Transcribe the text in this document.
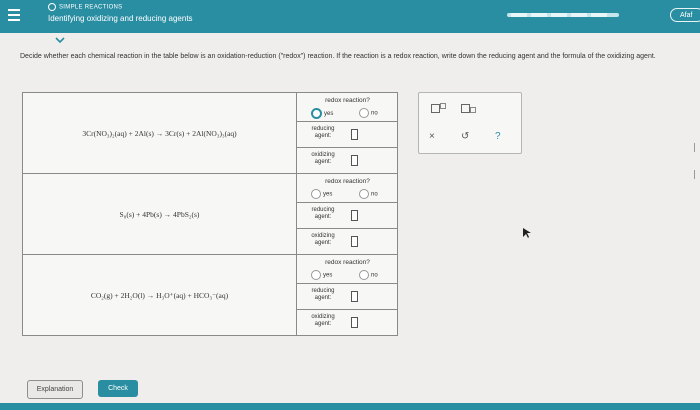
SIMPLE REACTIONS
Identifying oxidizing and reducing agents	Afaf
Decide whether each chemical reaction in the table below is an oxidation-reduction ("redox") reaction. If the reaction is a redox reaction, write down the reducing agent and the formula of the oxidizing agent.
3Cr(NO₃)₂(aq) + 2Al(s) → 3Cr(s) + 2Al(NO₃)₃(aq)
redox reaction?
yes	no
reducing
agent:
oxidizing
agent:
S₈(s) + 4Pb(s) → 4PbS₂(s)
redox reaction?
yes	no
reducing
agent:
oxidizing
agent:
CO₂(g) + 2H₂O(l) → H₃O⁺(aq) + HCO₃⁻(aq)
redox reaction?
yes	no
reducing
agent:
oxidizing
agent:
×	↺	?
Explanation	Check
